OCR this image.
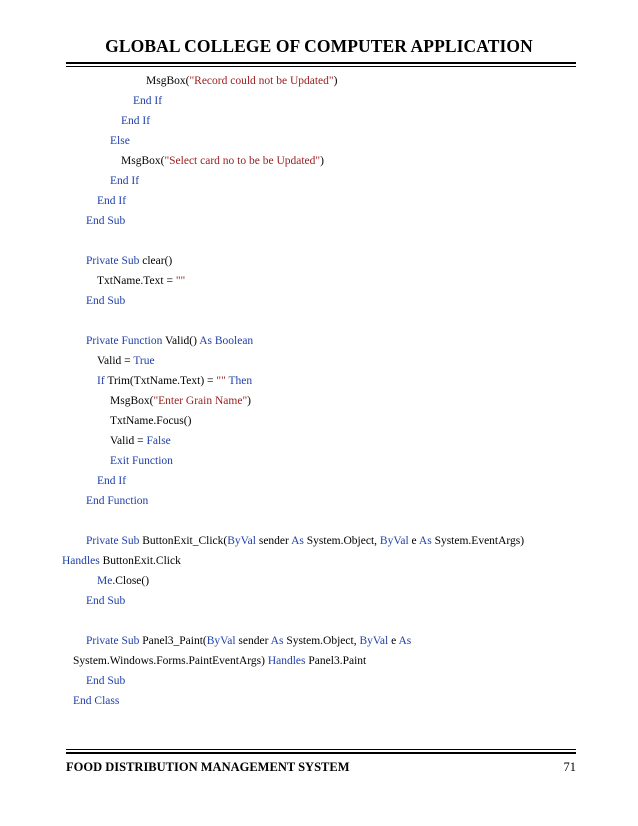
GLOBAL COLLEGE OF COMPUTER APPLICATION
MsgBox("Record could not be Updated")
End If
End If
Else
MsgBox("Select card no to be be Updated")
End If
End If
End Sub
Private Sub clear()
TxtName.Text = ""
End Sub
Private Function Valid() As Boolean
Valid = True
If Trim(TxtName.Text) = "" Then
MsgBox("Enter Grain Name")
TxtName.Focus()
Valid = False
Exit Function
End If
End Function
Private Sub ButtonExit_Click(ByVal sender As System.Object, ByVal e As System.EventArgs)
Handles ButtonExit.Click
Me.Close()
End Sub
Private Sub Panel3_Paint(ByVal sender As System.Object, ByVal e As
System.Windows.Forms.PaintEventArgs) Handles Panel3.Paint
End Sub
End Class
FOOD DISTRIBUTION MANAGEMENT SYSTEM	71
